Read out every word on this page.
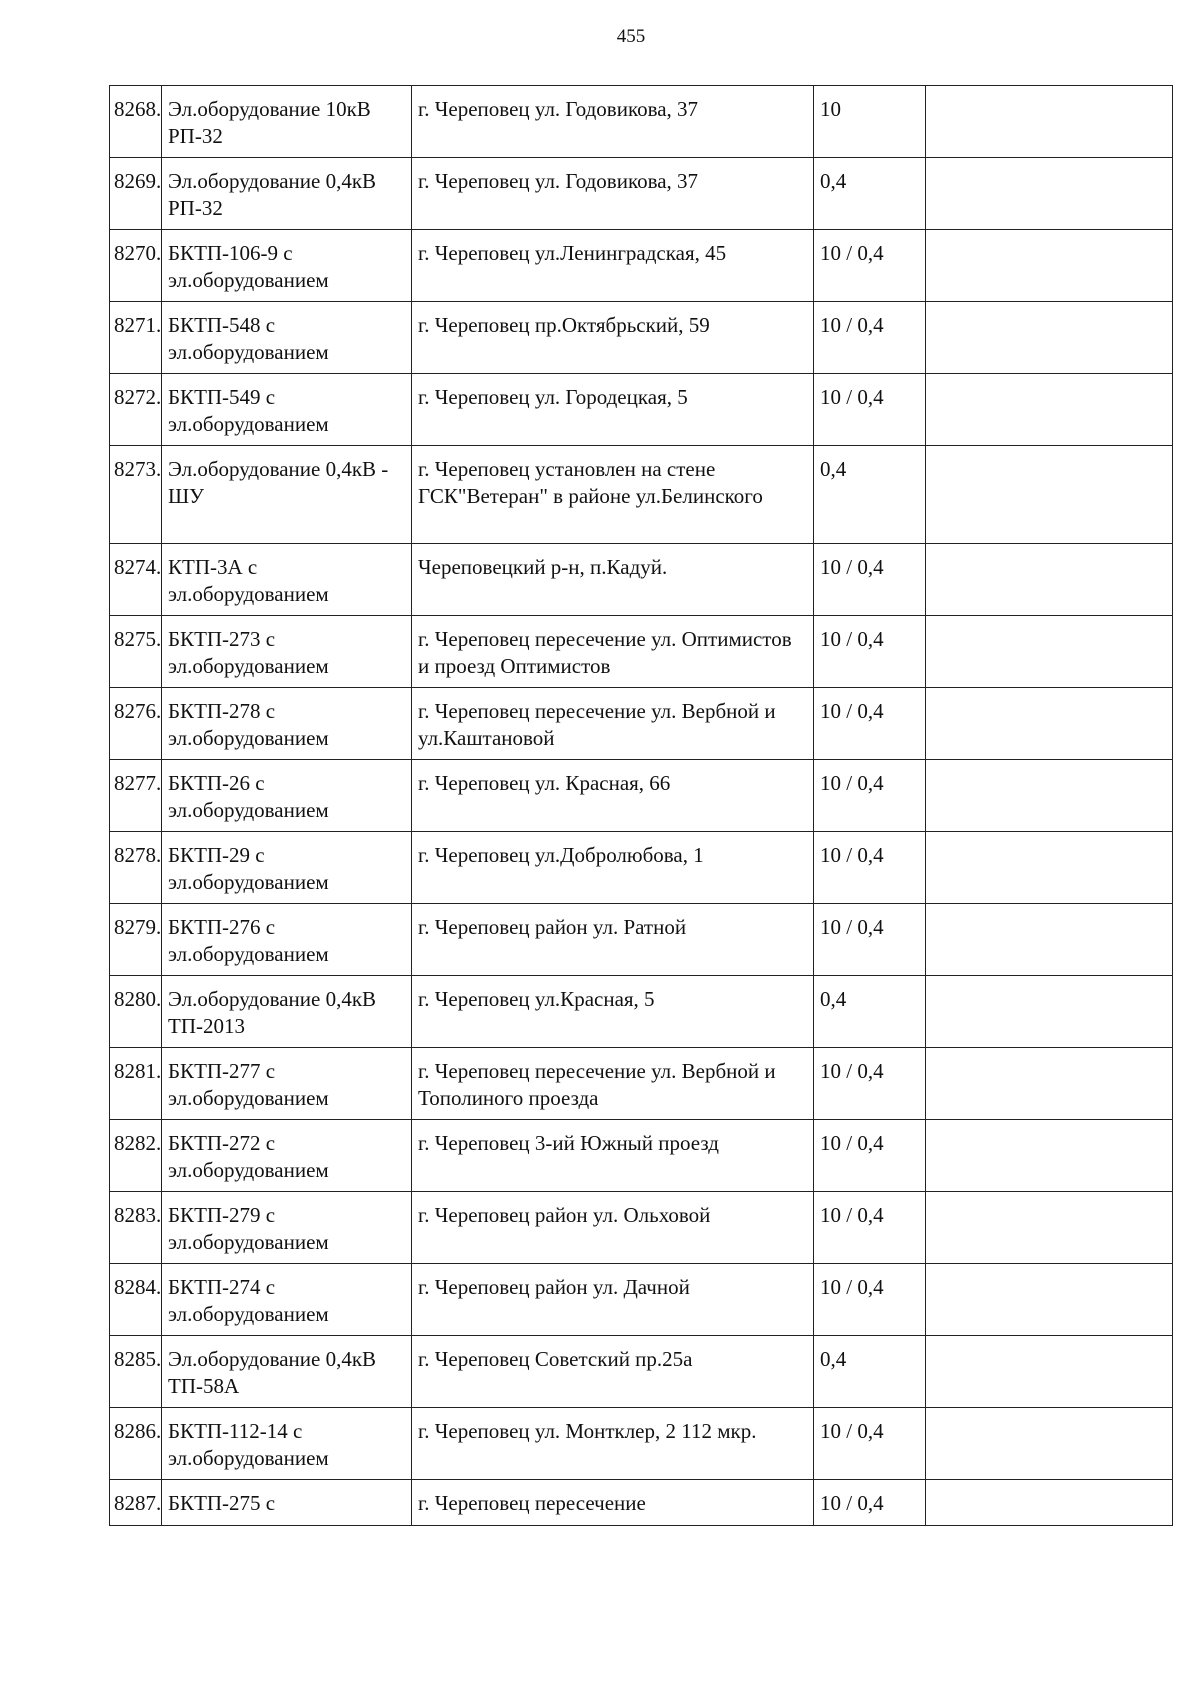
455
8268.	Эл.оборудование 10кВ РП-32	г. Череповец ул. Годовикова, 37	10	
8269.	Эл.оборудование 0,4кВ РП-32	г. Череповец ул. Годовикова, 37	0,4	
8270.	БКТП-106-9 с эл.оборудованием	г. Череповец ул.Ленинградская, 45	10 / 0,4	
8271.	БКТП-548 с эл.оборудованием	г. Череповец пр.Октябрьский, 59	10 / 0,4	
8272.	БКТП-549 с эл.оборудованием	г. Череповец ул. Городецкая, 5	10 / 0,4	
8273.	Эл.оборудование 0,4кВ - ШУ	г. Череповец установлен на стене ГСК"Ветеран" в районе ул.Белинского	0,4	
8274.	КТП-3А с эл.оборудованием	Череповецкий р-н, п.Кадуй.	10 / 0,4	
8275.	БКТП-273 с эл.оборудованием	г. Череповец пересечение ул. Оптимистов и проезд Оптимистов	10 / 0,4	
8276.	БКТП-278 с эл.оборудованием	г. Череповец пересечение ул. Вербной и ул.Каштановой	10 / 0,4	
8277.	БКТП-26 с эл.оборудованием	г. Череповец ул. Красная, 66	10 / 0,4	
8278.	БКТП-29 с эл.оборудованием	г. Череповец ул.Добролюбова, 1	10 / 0,4	
8279.	БКТП-276 с эл.оборудованием	г. Череповец район ул. Ратной	10 / 0,4	
8280.	Эл.оборудование 0,4кВ ТП-2013	г. Череповец ул.Красная, 5	0,4	
8281.	БКТП-277 с эл.оборудованием	г. Череповец пересечение ул. Вербной и Тополиного проезда	10 / 0,4	
8282.	БКТП-272 с эл.оборудованием	г. Череповец 3-ий Южный проезд	10 / 0,4	
8283.	БКТП-279 с эл.оборудованием	г. Череповец район ул. Ольховой	10 / 0,4	
8284.	БКТП-274 с эл.оборудованием	г. Череповец район ул. Дачной	10 / 0,4	
8285.	Эл.оборудование 0,4кВ ТП-58А	г. Череповец Советский пр.25а	0,4	
8286.	БКТП-112-14 с эл.оборудованием	г. Череповец ул. Монтклер, 2 112 мкр.	10 / 0,4	
8287.	БКТП-275 с	г. Череповец пересечение	10 / 0,4	
